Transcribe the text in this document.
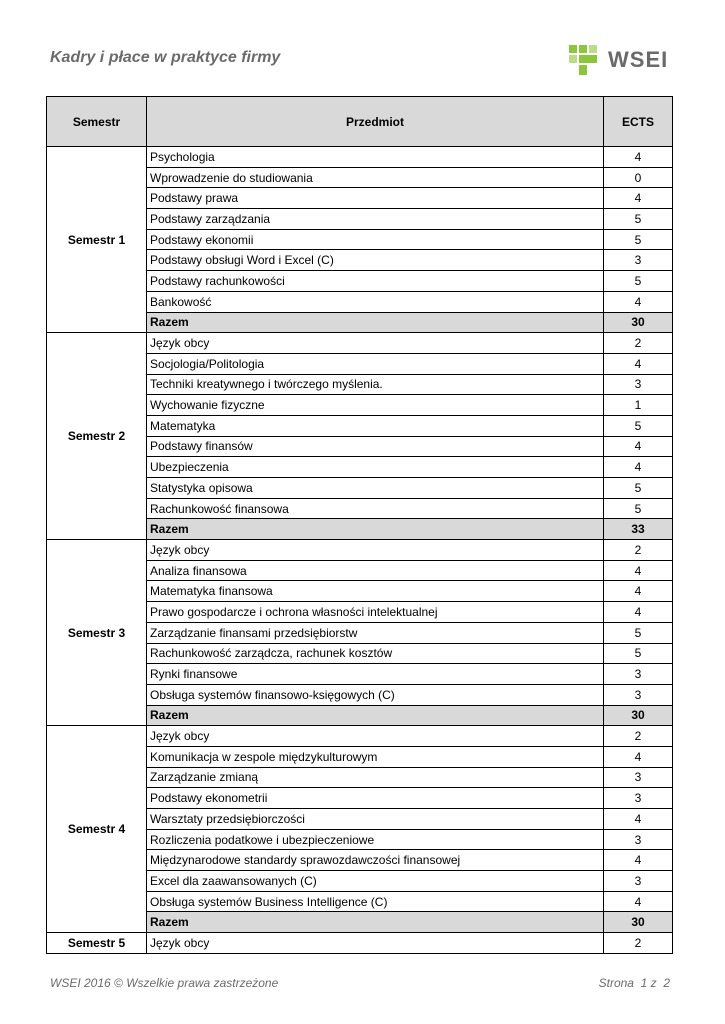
Kadry i płace w praktyce firmy	WSEI
Semestr	Przedmiot	ECTS
Semestr 1	Psychologia	4
	Wprowadzenie do studiowania	0
	Podstawy prawa	4
	Podstawy zarządzania	5
	Podstawy ekonomii	5
	Podstawy obsługi Word i Excel (C)	3
	Podstawy rachunkowości	5
	Bankowość	4
	Razem	30
Semestr 2	Język obcy	2
	Socjologia/Politologia	4
	Techniki kreatywnego i twórczego myślenia.	3
	Wychowanie fizyczne	1
	Matematyka	5
	Podstawy finansów	4
	Ubezpieczenia	4
	Statystyka opisowa	5
	Rachunkowość finansowa	5
	Razem	33
Semestr 3	Język obcy	2
	Analiza finansowa	4
	Matematyka finansowa	4
	Prawo gospodarcze i ochrona własności intelektualnej	4
	Zarządzanie finansami przedsiębiorstw	5
	Rachunkowość zarządcza, rachunek kosztów	5
	Rynki finansowe	3
	Obsługa systemów finansowo-księgowych (C)	3
	Razem	30
Semestr 4	Język obcy	2
	Komunikacja w zespole międzykulturowym	4
	Zarządzanie zmianą	3
	Podstawy ekonometrii	3
	Warsztaty przedsiębiorczości	4
	Rozliczenia podatkowe i ubezpieczeniowe	3
	Międzynarodowe standardy sprawozdawczości finansowej	4
	Excel dla zaawansowanych (C)	3
	Obsługa systemów Business Intelligence (C)	4
	Razem	30
Semestr 5	Język obcy	2
WSEI 2016 © Wszelkie prawa zastrzeżone	Strona  1 z  2
